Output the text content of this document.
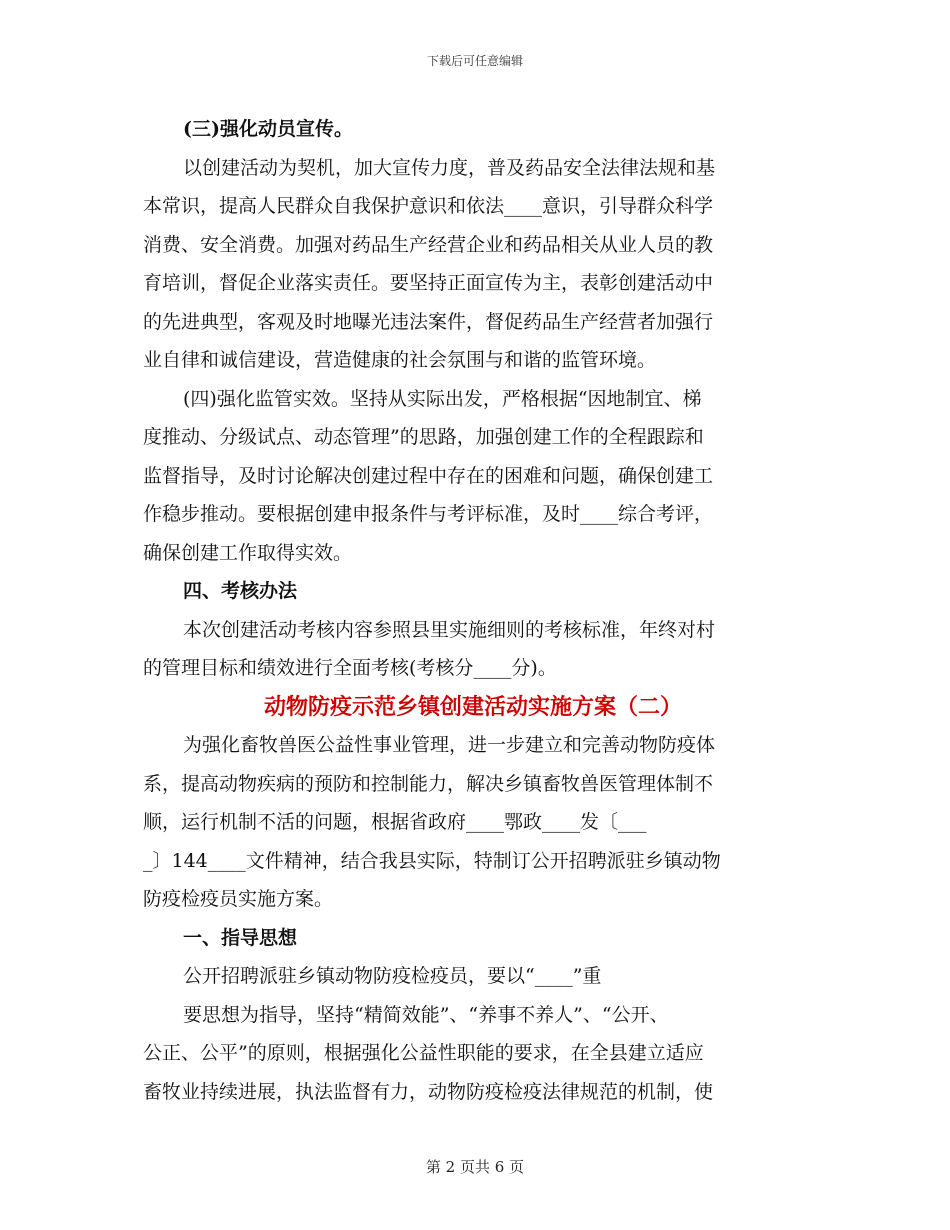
下载后可任意编辑
(三)强化动员宣传。
以创建活动为契机，加大宣传力度，普及药品安全法律法规和基
本常识，提高人民群众自我保护意识和依法____意识，引导群众科学
消费、安全消费。加强对药品生产经营企业和药品相关从业人员的教
育培训，督促企业落实责任。要坚持正面宣传为主，表彰创建活动中
的先进典型，客观及时地曝光违法案件，督促药品生产经营者加强行
业自律和诚信建设，营造健康的社会氛围与和谐的监管环境。
(四)强化监管实效。坚持从实际出发，严格根据“因地制宜、梯
度推动、分级试点、动态管理”的思路，加强创建工作的全程跟踪和
监督指导，及时讨论解决创建过程中存在的困难和问题，确保创建工
作稳步推动。要根据创建申报条件与考评标准，及时____综合考评，
确保创建工作取得实效。
四、考核办法
本次创建活动考核内容参照县里实施细则的考核标准，年终对村
的管理目标和绩效进行全面考核(考核分____分)。
动物防疫示范乡镇创建活动实施方案（二）
为强化畜牧兽医公益性事业管理，进一步建立和完善动物防疫体
系，提高动物疾病的预防和控制能力，解决乡镇畜牧兽医管理体制不
顺，运行机制不活的问题，根据省政府____鄂政____发〔___
_〕144____文件精神，结合我县实际，特制订公开招聘派驻乡镇动物
防疫检疫员实施方案。
一、指导思想
公开招聘派驻乡镇动物防疫检疫员，要以“____”重
要思想为指导，坚持“精简效能”、“养事不养人”、“公开、
公正、公平”的原则，根据强化公益性职能的要求，在全县建立适应
畜牧业持续进展，执法监督有力，动物防疫检疫法律规范的机制，使
第 2 页共 6 页
